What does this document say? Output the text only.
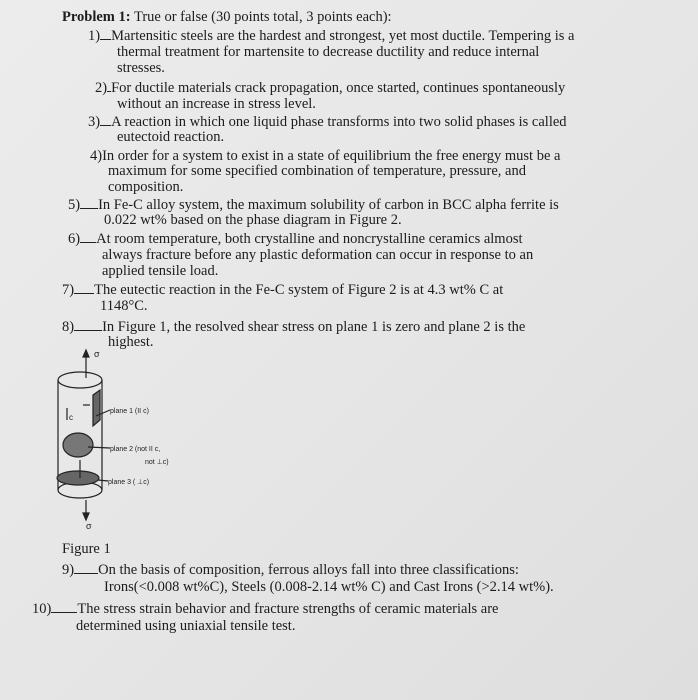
Problem 1: True or false (30 points total, 3 points each):
1) Martensitic steels are the hardest and strongest, yet most ductile. Tempering is a
thermal treatment for martensite to decrease ductility and reduce internal
stresses.
2) For ductile materials crack propagation, once started, continues spontaneously
without an increase in stress level.
3) A reaction in which one liquid phase transforms into two solid phases is called
eutectoid reaction.
4)In order for a system to exist in a state of equilibrium the free energy must be a
maximum for some specified combination of temperature, pressure, and
composition.
5) In Fe-C alloy system, the maximum solubility of carbon in BCC alpha ferrite is
0.022 wt% based on the phase diagram in Figure 2.
6) At room temperature, both crystalline and noncrystalline ceramics almost
always fracture before any plastic deformation can occur in response to an
applied tensile load.
7) The eutectic reaction in the Fe-C system of Figure 2 is at 4.3 wt% C at
1148°C.
8) In Figure 1, the resolved shear stress on plane 1 is zero and plane 2 is the
highest.
9) On the basis of composition, ferrous alloys fall into three classifications:
Irons(<0.008 wt%C), Steels (0.008-2.14 wt% C) and Cast Irons (>2.14 wt%).
10) The stress strain behavior and fracture strengths of ceramic materials are
determined using uniaxial tensile test.
σ
c
plane 1 (II c)
plane 2 (not II c,
not ⊥c)
plane 3 ( ⊥c)
σ
Figure 1
